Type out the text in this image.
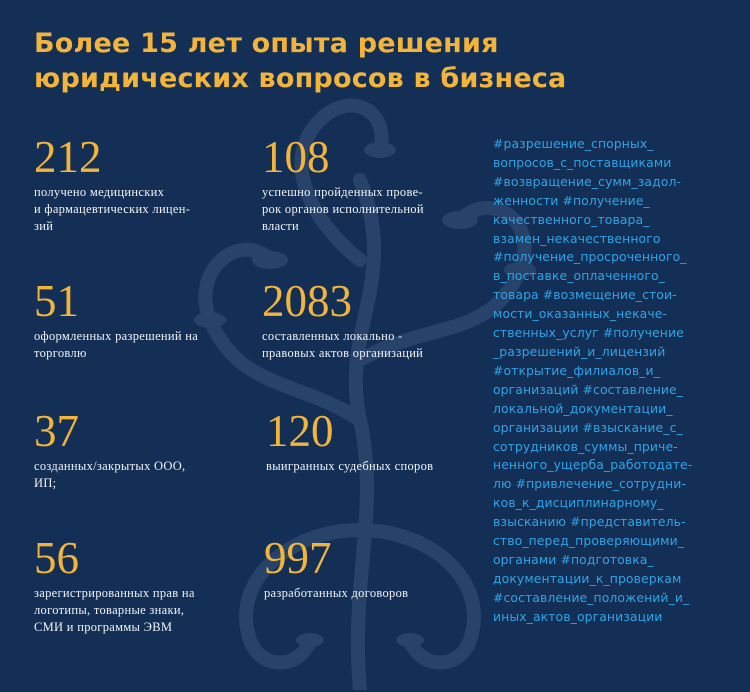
Более 15 лет опыта решения
юридических вопросов в бизнеса
212
получено медицинских
и фармацевтических лицен-
зий
108
успешно пройденных прове-
рок органов исполнительной
власти
51
оформленных разрешений на
торговлю
2083
составленных локально -
правовых актов организаций
37
созданных/закрытых ООО,
ИП;
120
выигранных судебных споров
56
зарегистрированных прав на
логотипы, товарные знаки,
СМИ и программы ЭВМ
997
разработанных договоров
#разрешение_спорных_
вопросов_с_поставщиками
#возвращение_сумм_задол-
женности #получение_
качественного_товара_
взамен_некачественного
#получение_просроченного_
в_поставке_оплаченного_
товара #возмещение_стои-
мости_оказанных_некаче-
ственных_услуг #получение
_разрешений_и_лицензий
#открытие_филиалов_и_
организаций #составление_
локальной_документации_
организации #взыскание_с_
сотрудников_суммы_приче-
ненного_ущерба_работодате-
лю #привлечение_сотрудни-
ков_к_дисциплинарному_
взысканию #представитель-
ство_перед_проверяющими_
органами #подготовка_
документации_к_проверкам
#составление_положений_и_
иных_актов_организации
